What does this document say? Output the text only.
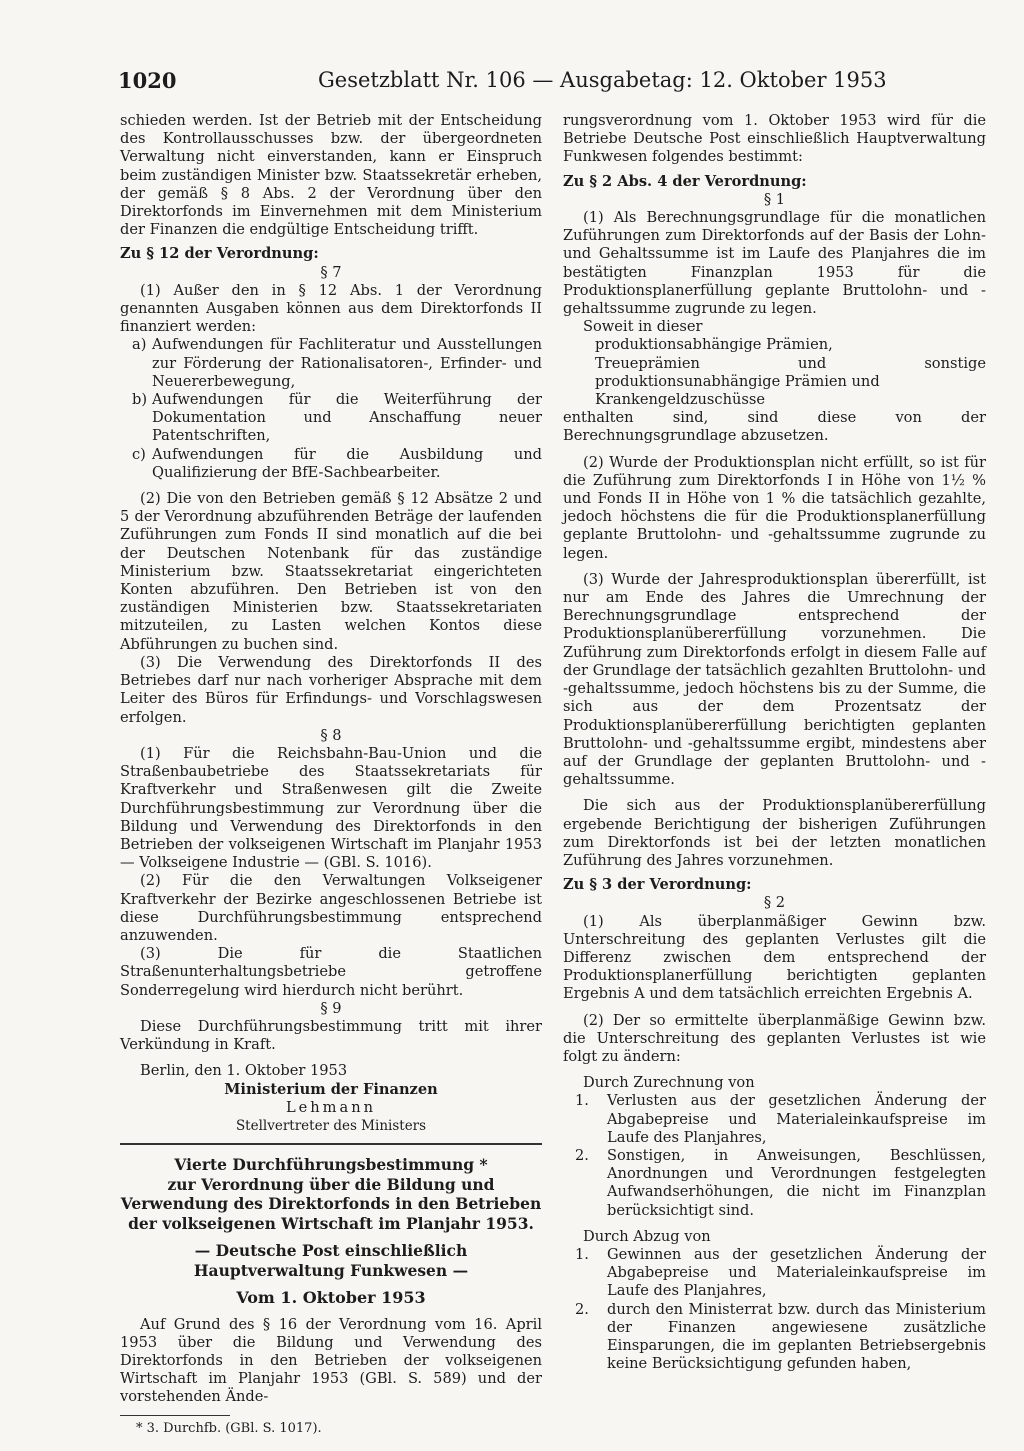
1020	Gesetzblatt Nr. 106 — Ausgabetag: 12. Oktober 1953

schieden werden. Ist der Betrieb mit der Entscheidung des Kontrollausschusses bzw. der übergeordneten Verwaltung nicht einverstanden, kann er Einspruch beim zuständigen Minister bzw. Staatssekretär erheben, der gemäß § 8 Abs. 2 der Verordnung über den Direktorfonds im Einvernehmen mit dem Ministerium der Finanzen die endgültige Entscheidung trifft.

Zu § 12 der Verordnung:

§ 7

(1) Außer den in § 12 Abs. 1 der Verordnung genannten Ausgaben können aus dem Direktorfonds II finanziert werden:

a) Aufwendungen für Fachliteratur und Ausstellungen zur Förderung der Rationalisatoren-, Erfinder- und Neuererbewegung,
b) Aufwendungen für die Weiterführung der Dokumentation und Anschaffung neuer Patentschriften,
c) Aufwendungen für die Ausbildung und Qualifizierung der BfE-Sachbearbeiter.

(2) Die von den Betrieben gemäß § 12 Absätze 2 und 5 der Verordnung abzuführenden Beträge der laufenden Zuführungen zum Fonds II sind monatlich auf die bei der Deutschen Notenbank für das zuständige Ministerium bzw. Staatssekretariat eingerichteten Konten abzuführen. Den Betrieben ist von den zuständigen Ministerien bzw. Staatssekretariaten mitzuteilen, zu Lasten welchen Kontos diese Abführungen zu buchen sind.

(3) Die Verwendung des Direktorfonds II des Betriebes darf nur nach vorheriger Absprache mit dem Leiter des Büros für Erfindungs- und Vorschlagswesen erfolgen.

§ 8

(1) Für die Reichsbahn-Bau-Union und die Straßenbaubetriebe des Staatssekretariats für Kraftverkehr und Straßenwesen gilt die Zweite Durchführungsbestimmung zur Verordnung über die Bildung und Verwendung des Direktorfonds in den Betrieben der volkseigenen Wirtschaft im Planjahr 1953 — Volkseigene Industrie — (GBl. S. 1016).

(2) Für die den Verwaltungen Volkseigener Kraftverkehr der Bezirke angeschlossenen Betriebe ist diese Durchführungsbestimmung entsprechend anzuwenden.

(3) Die für die Staatlichen Straßenunterhaltungsbetriebe getroffene Sonderregelung wird hierdurch nicht berührt.

§ 9

Diese Durchführungsbestimmung tritt mit ihrer Verkündung in Kraft.

Berlin, den 1. Oktober 1953

Ministerium der Finanzen

Lehmann

Stellvertreter des Ministers

Vierte Durchführungsbestimmung *

zur Verordnung über die Bildung und Verwendung des Direktorfonds in den Betrieben der volkseigenen Wirtschaft im Planjahr 1953.

— Deutsche Post einschließlich Hauptverwaltung Funkwesen —

Vom 1. Oktober 1953

Auf Grund des § 16 der Verordnung vom 16. April 1953 über die Bildung und Verwendung des Direktorfonds in den Betrieben der volkseigenen Wirtschaft im Planjahr 1953 (GBl. S. 589) und der vorstehenden Ände-

* 3. Durchfb. (GBl. S. 1017).

rungsverordnung vom 1. Oktober 1953 wird für die Betriebe Deutsche Post einschließlich Hauptverwaltung Funkwesen folgendes bestimmt:

Zu § 2 Abs. 4 der Verordnung:

§ 1

(1) Als Berechnungsgrundlage für die monatlichen Zuführungen zum Direktorfonds auf der Basis der Lohn- und Gehaltssumme ist im Laufe des Planjahres die im bestätigten Finanzplan 1953 für die Produktionsplanerfüllung geplante Bruttolohn- und -gehaltssumme zugrunde zu legen.

Soweit in dieser

produktionsabhängige Prämien,

Treueprämien und sonstige produktionsunabhängige Prämien und

Krankengeldzuschüsse

enthalten sind, sind diese von der Berechnungsgrundlage abzusetzen.

(2) Wurde der Produktionsplan nicht erfüllt, so ist für die Zuführung zum Direktorfonds I in Höhe von 1½ % und Fonds II in Höhe von 1 % die tatsächlich gezahlte, jedoch höchstens die für die Produktionsplanerfüllung geplante Bruttolohn- und -gehaltssumme zugrunde zu legen.

(3) Wurde der Jahresproduktionsplan übererfüllt, ist nur am Ende des Jahres die Umrechnung der Berechnungsgrundlage entsprechend der Produktionsplanübererfüllung vorzunehmen. Die Zuführung zum Direktorfonds erfolgt in diesem Falle auf der Grundlage der tatsächlich gezahlten Bruttolohn- und -gehaltssumme, jedoch höchstens bis zu der Summe, die sich aus der dem Prozentsatz der Produktionsplanübererfüllung berichtigten geplanten Bruttolohn- und -gehaltssumme ergibt, mindestens aber auf der Grundlage der geplanten Bruttolohn- und -gehaltssumme.

Die sich aus der Produktionsplanübererfüllung ergebende Berichtigung der bisherigen Zuführungen zum Direktorfonds ist bei der letzten monatlichen Zuführung des Jahres vorzunehmen.

Zu § 3 der Verordnung:

§ 2

(1) Als überplanmäßiger Gewinn bzw. Unterschreitung des geplanten Verlustes gilt die Differenz zwischen dem entsprechend der Produktionsplanerfüllung berichtigten geplanten Ergebnis A und dem tatsächlich erreichten Ergebnis A.

(2) Der so ermittelte überplanmäßige Gewinn bzw. die Unterschreitung des geplanten Verlustes ist wie folgt zu ändern:

Durch Zurechnung von

1.	Verlusten aus der gesetzlichen Änderung der Abgabepreise und Materialeinkaufspreise im Laufe des Planjahres,
2.	Sonstigen, in Anweisungen, Beschlüssen, Anordnungen und Verordnungen festgelegten Aufwandserhöhungen, die nicht im Finanzplan berücksichtigt sind.

Durch Abzug von

1.	Gewinnen aus der gesetzlichen Änderung der Abgabepreise und Materialeinkaufspreise im Laufe des Planjahres,
2.	durch den Ministerrat bzw. durch das Ministerium der Finanzen angewiesene zusätzliche Einsparungen, die im geplanten Betriebsergebnis keine Berücksichtigung gefunden haben,
